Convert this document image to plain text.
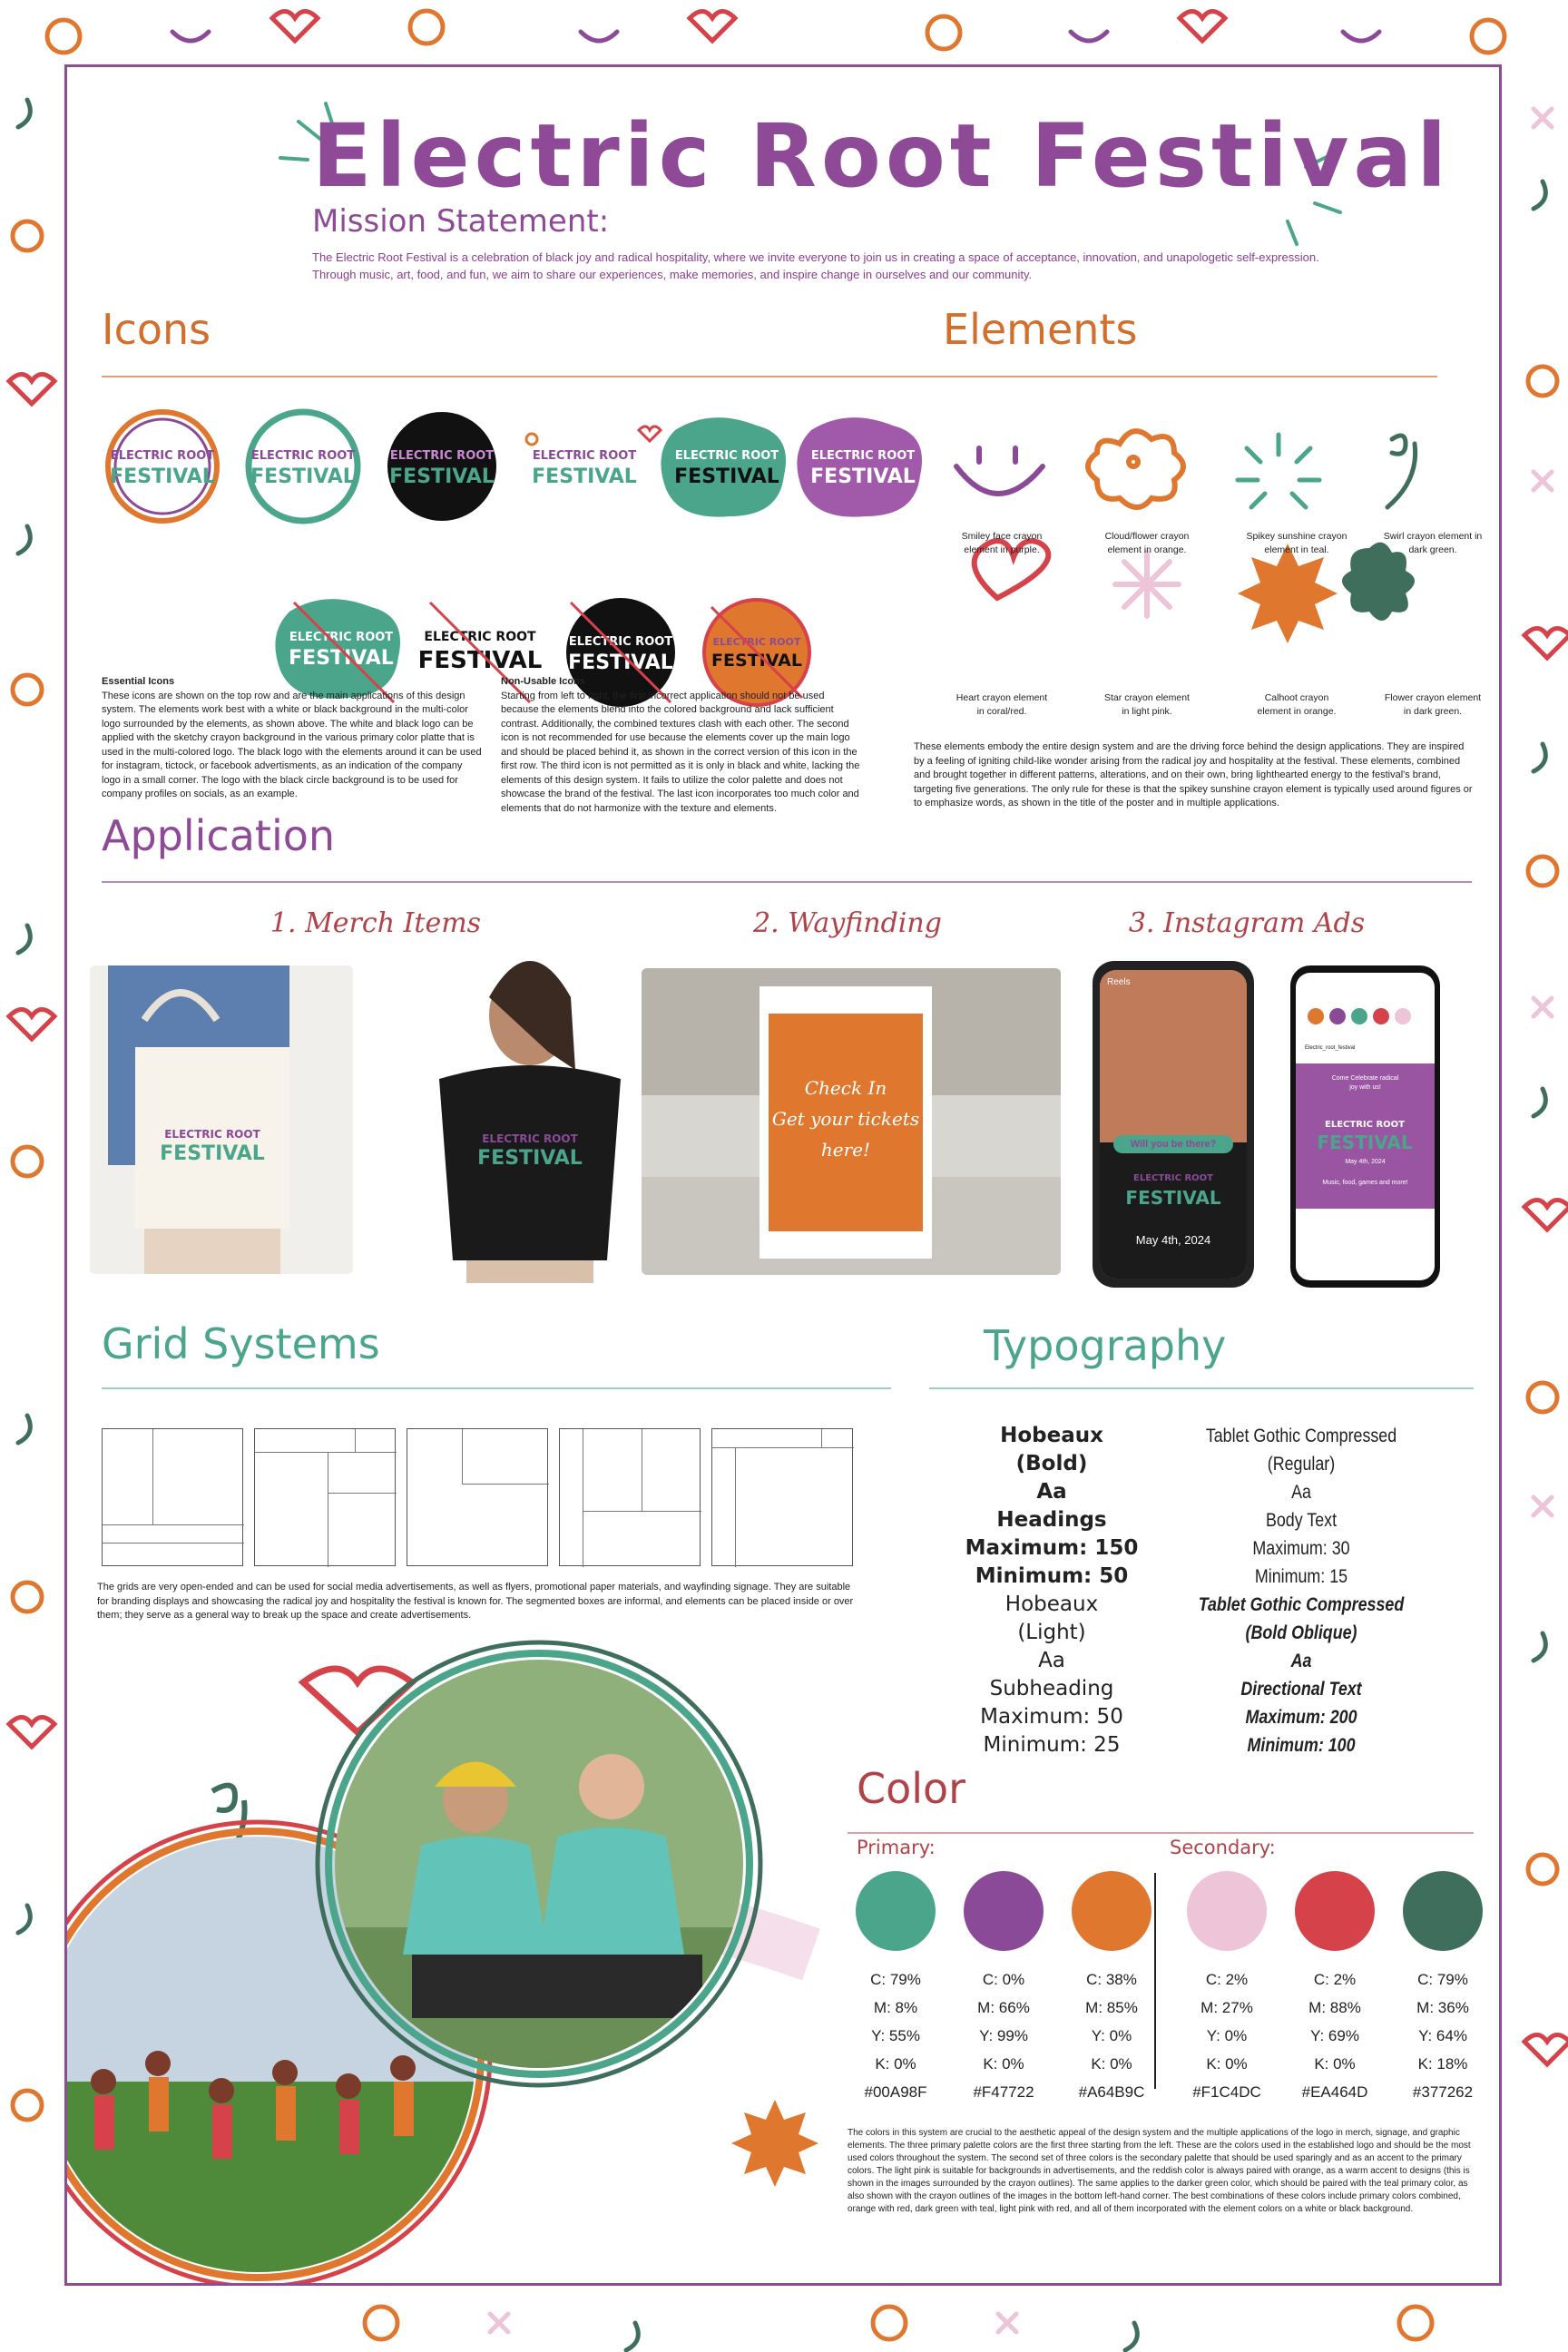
Electric Root Festival
Mission Statement:
The Electric Root Festival is a celebration of black joy and radical hospitality, where we invite everyone to join us in creating a space of acceptance, innovation, and unapologetic self-expression. Through music, art, food, and fun, we aim to share our experiences, make memories, and inspire change in ourselves and our community.
Icons
ELECTRIC ROOT
FESTIVAL
ELECTRIC ROOT
FESTIVAL
ELECTRIC ROOT
FESTIVAL
ELECTRIC ROOT
FESTIVAL
ELECTRIC ROOT
FESTIVAL
ELECTRIC ROOT
FESTIVAL
ELECTRIC ROOT
FESTIVAL
ELECTRIC ROOT
FESTIVAL
ELECTRIC ROOT
FESTIVAL
ELECTRIC ROOT
FESTIVAL
Essential Icons
These icons are shown on the top row and are the main applications of this design system. The elements work best with a white or black background in the multi-color logo surrounded by the elements, as shown above. The white and black logo can be applied with the sketchy crayon background in the various primary color platte that is used in the multi-colored logo. The black logo with the elements around it can be used for instagram, tictock, or facebook advertisments, as an indication of the company logo in a small corner. The logo with the black circle background is to be used for company profiles on socials, as an example.
Non-Usable Icons
Starting from left to right, the first incorrect application should not be used because the elements blend into the colored background and lack sufficient contrast. Additionally, the combined textures clash with each other. The second icon is not recommended for use because the elements cover up the main logo and should be placed behind it, as shown in the correct version of this icon in the first row. The third icon is not permitted as it is only in black and white, lacking the elements of this design system. It fails to utilize the color palette and does not showcase the brand of the festival. The last icon incorporates too much color and elements that do not harmonize with the texture and elements.
Elements
Smiley face crayon
element in purple.
Cloud/flower crayon
element in orange.
Spikey sunshine crayon
element in teal.
Swirl crayon element in
dark green.
Heart crayon element
in coral/red.
Star crayon element
in light pink.
Calhoot crayon
element in orange.
Flower crayon element
in dark green.
These elements embody the entire design system and are the driving force behind the design applications. They are inspired by a feeling of igniting child-like wonder arising from the radical joy and hospitality at the festival. These elements, combined and brought together in different patterns, alterations, and on their own, bring lighthearted energy to the festival's brand, targeting five generations. The only rule for these is that the spikey sunshine crayon element is typically used around figures or to emphasize words, as shown in the title of the poster and in multiple applications.
Application
1. Merch Items	2. Wayfinding	3. Instagram Ads
ELECTRIC ROOT
FESTIVAL
ELECTRIC ROOT
FESTIVAL
Check In
Get your tickets
here!
ELECTRIC ROOT
FESTIVAL
Reels
Will you be there?
May 4th, 2024
ELECTRIC ROOT
FESTIVAL
Electric_root_festival
Come Celebrate radical
joy with us!
May 4th, 2024
Music, food, games and more!
Grid Systems
The grids are very open-ended and can be used for social media advertisements, as well as flyers, promotional paper materials, and wayfinding signage. They are suitable for branding displays and showcasing the radical joy and hospitality the festival is known for. The segmented boxes are informal, and elements can be placed inside or over them; they serve as a general way to break up the space and create advertisements.
Typography
Hobeaux
(Bold)
Aa
Headings
Maximum: 150
Minimum: 50
Hobeaux
(Light)
Aa
Subheading
Maximum: 50
Minimum: 25
Tablet Gothic Compressed
(Regular)
Aa
Body Text
Maximum: 30
Minimum: 15
Tablet Gothic Compressed
(Bold Oblique)
Aa
Directional Text
Maximum: 200
Minimum: 100
Color
Primary:	Secondary:
C: 79%
M: 8%
Y: 55%
K: 0%
#00A98F
C: 0%
M: 66%
Y: 99%
K: 0%
#F47722
C: 38%
M: 85%
Y: 0%
K: 0%
#A64B9C
C: 2%
M: 27%
Y: 0%
K: 0%
#F1C4DC
C: 2%
M: 88%
Y: 69%
K: 0%
#EA464D
C: 79%
M: 36%
Y: 64%
K: 18%
#377262
The colors in this system are crucial to the aesthetic appeal of the design system and the multiple applications of the logo in merch, signage, and graphic elements. The three primary palette colors are the first three starting from the left. These are the colors used in the established logo and should be the most used colors throughout the system. The second set of three colors is the secondary palette that should be used sparingly and as an accent to the primary colors. The light pink is suitable for backgrounds in advertisements, and the reddish color is always paired with orange, as a warm accent to designs (this is shown in the images surrounded by the crayon outlines). The same applies to the darker green color, which should be paired with the teal primary color, as also shown with the crayon outlines of the images in the bottom left-hand corner. The best combinations of these colors include primary colors combined, orange with red, dark green with teal, light pink with red, and all of them incorporated with the element colors on a white or black background.
